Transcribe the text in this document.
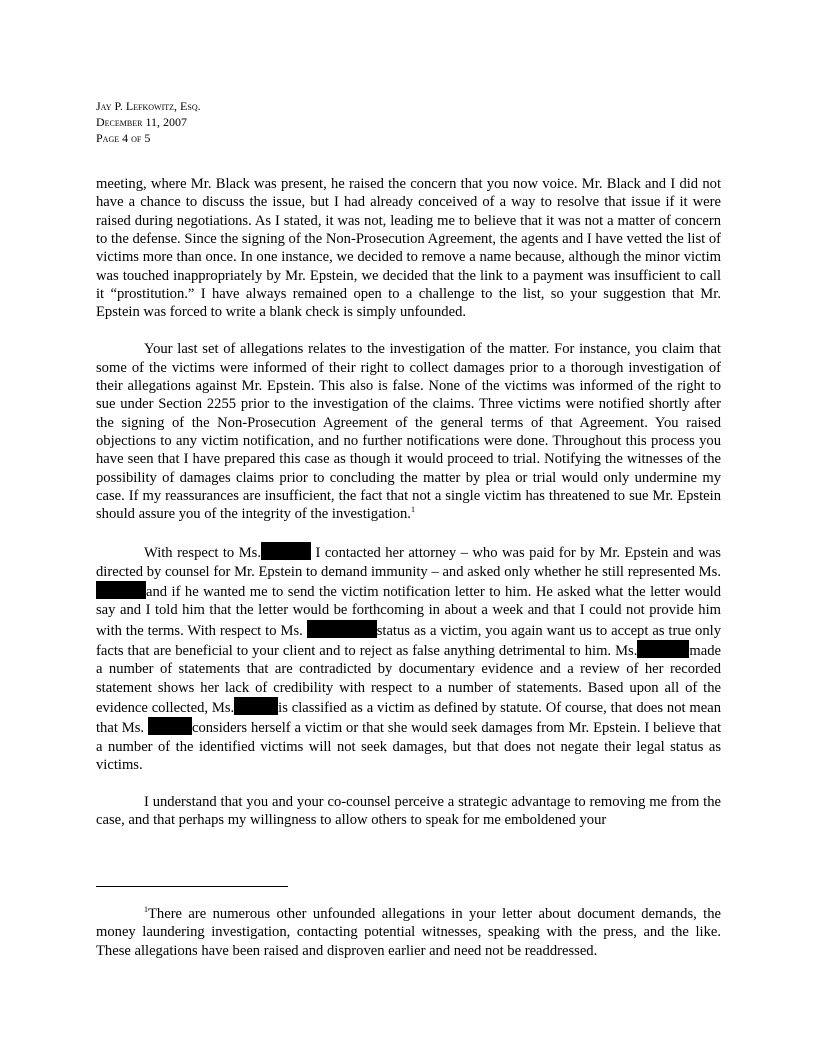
Jay P. Lefkowitz, Esq.
December 11, 2007
Page 4 of 5

meeting, where Mr. Black was present, he raised the concern that you now voice. Mr. Black and I did not have a chance to discuss the issue, but I had already conceived of a way to resolve that issue if it were raised during negotiations. As I stated, it was not, leading me to believe that it was not a matter of concern to the defense. Since the signing of the Non-Prosecution Agreement, the agents and I have vetted the list of victims more than once. In one instance, we decided to remove a name because, although the minor victim was touched inappropriately by Mr. Epstein, we decided that the link to a payment was insufficient to call it “prostitution.” I have always remained open to a challenge to the list, so your suggestion that Mr. Epstein was forced to write a blank check is simply unfounded.

Your last set of allegations relates to the investigation of the matter. For instance, you claim that some of the victims were informed of their right to collect damages prior to a thorough investigation of their allegations against Mr. Epstein. This also is false. None of the victims was informed of the right to sue under Section 2255 prior to the investigation of the claims. Three victims were notified shortly after the signing of the Non-Prosecution Agreement of the general terms of that Agreement. You raised objections to any victim notification, and no further notifications were done. Throughout this process you have seen that I have prepared this case as though it would proceed to trial. Notifying the witnesses of the possibility of damages claims prior to concluding the matter by plea or trial would only undermine my case. If my reassurances are insufficient, the fact that not a single victim has threatened to sue Mr. Epstein should assure you of the integrity of the investigation.$^1$

With respect to Ms.	I contacted her attorney – who was paid for by Mr. Epstein and was directed by counsel for Mr. Epstein to demand immunity – and asked only whether he still represented Ms.and if he wanted me to send the victim notification letter to him. He asked what the letter would say and I told him that the letter would be forthcoming in about a week and that I could not provide him with the terms. With respect to Ms.	status as a victim, you again want us to accept as true only facts that are beneficial to your client and to reject as false anything detrimental to him. Ms.	made a number of statements that are contradicted by documentary evidence and a review of her recorded statement shows her lack of credibility with respect to a number of statements. Based upon all of the evidence collected, Ms.	is classified as a victim as defined by statute. Of course, that does not mean that Ms.	considers herself a victim or that she would seek damages from Mr. Epstein. I believe that a number of the identified victims will not seek damages, but that does not negate their legal status as victims.

I understand that you and your co-counsel perceive a strategic advantage to removing me from the case, and that perhaps my willingness to allow others to speak for me emboldened your

$^1$There are numerous other unfounded allegations in your letter about document demands, the money laundering investigation, contacting potential witnesses, speaking with the press, and the like. These allegations have been raised and disproven earlier and need not be readdressed.
